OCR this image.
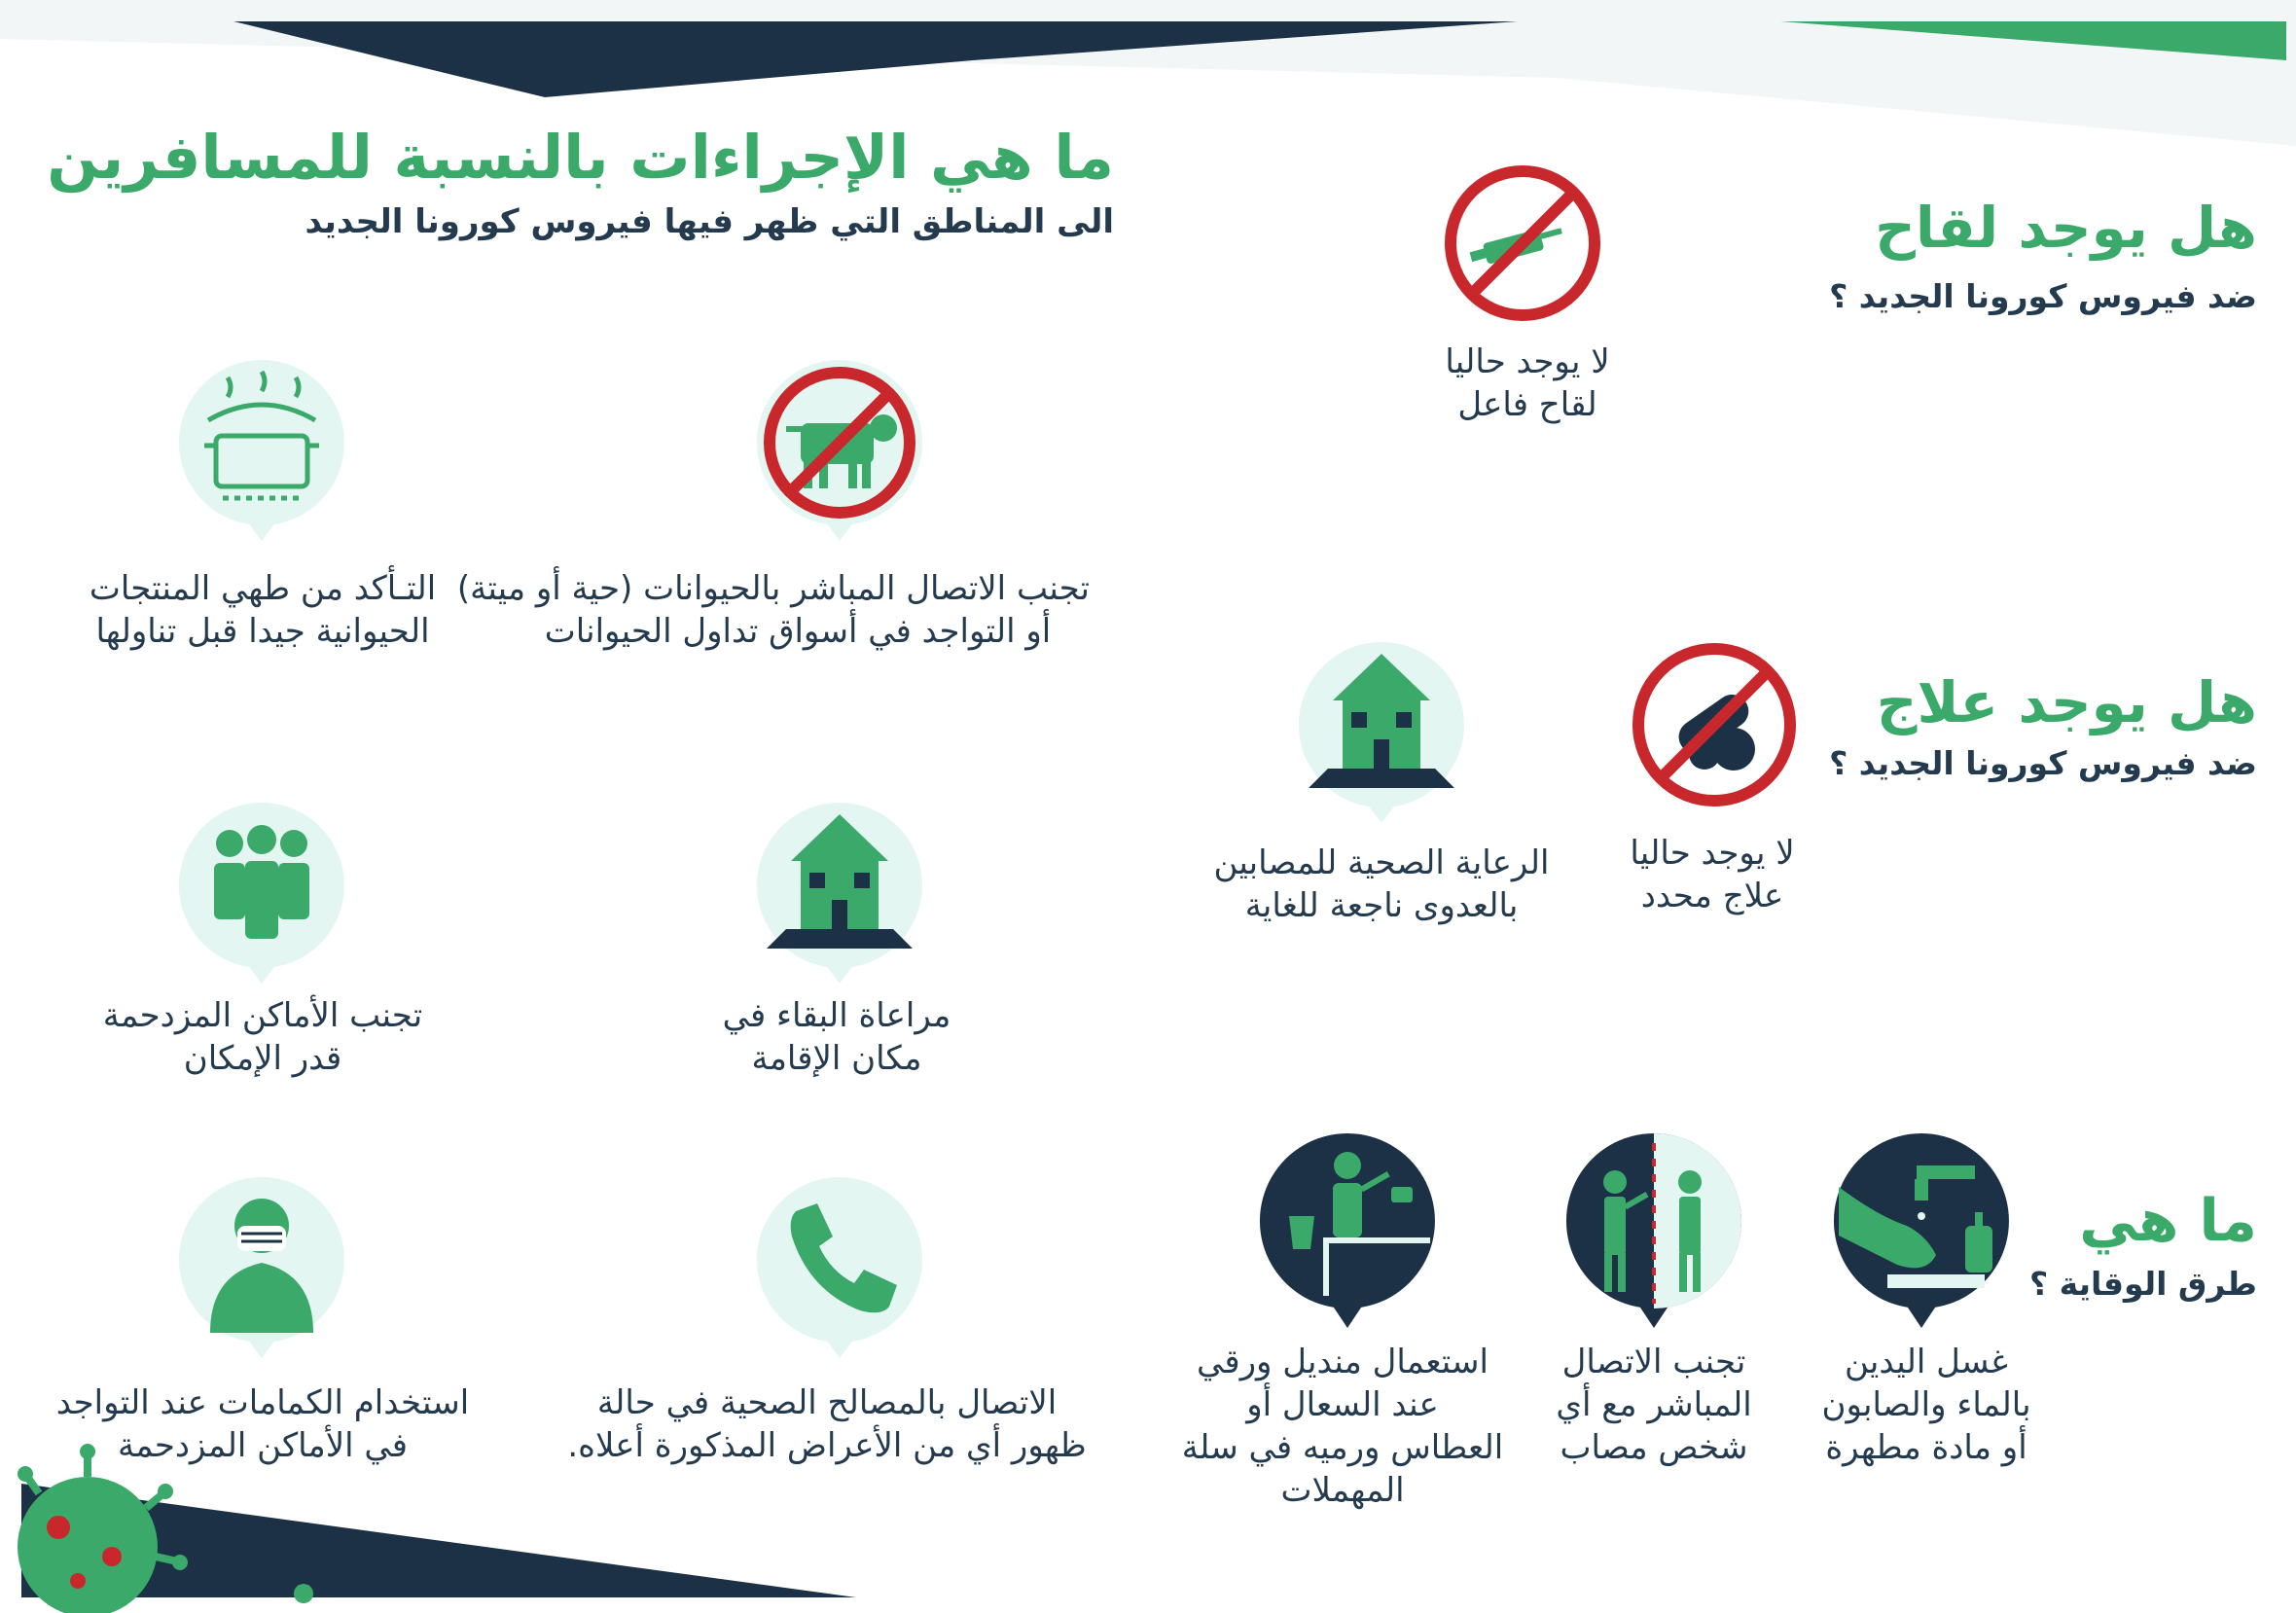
ما هي الإجراءات بالنسبة للمسافرين
الى المناطق التي ظهر فيها فيروس كورونا الجديد
تجنب الاتصال المباشر بالحيوانات (حية أو ميتة)
أو التواجد في أسواق تداول الحيوانات
التـأكد من طهي المنتجات
الحيوانية جيدا قبل تناولها
مراعاة البقاء في
مكان الإقامة
تجنب الأماكن المزدحمة
قدر الإمكان
الاتصال بالمصالح الصحية في حالة
ظهور أي من الأعراض المذكورة أعلاه.
استخدام الكمامات عند التواجد
في الأماكن المزدحمة
هل يوجد لقاح
ضد فيروس كورونا الجديد ؟
لا يوجد حاليا
لقاح فاعل
هل يوجد علاج
ضد فيروس كورونا الجديد ؟
لا يوجد حاليا
علاج محدد
الرعاية الصحية للمصابين
بالعدوى ناجعة للغاية
ما هي
طرق الوقاية ؟
غسل اليدين
بالماء والصابون
أو مادة مطهرة
تجنب الاتصال
المباشر مع أي
شخص مصاب
استعمال منديل ورقي
عند السعال أو
العطاس ورميه في سلة
المهملات
